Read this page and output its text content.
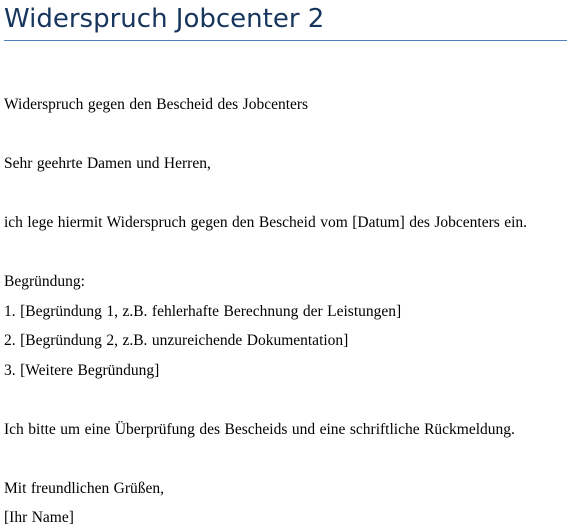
Widerspruch Jobcenter 2

Widerspruch gegen den Bescheid des Jobcenters

Sehr geehrte Damen und Herren,

ich lege hiermit Widerspruch gegen den Bescheid vom [Datum] des Jobcenters ein.

Begründung:

1. [Begründung 1, z.B. fehlerhafte Berechnung der Leistungen]

2. [Begründung 2, z.B. unzureichende Dokumentation]

3. [Weitere Begründung]

Ich bitte um eine Überprüfung des Bescheids und eine schriftliche Rückmeldung.

Mit freundlichen Grüßen,

[Ihr Name]
